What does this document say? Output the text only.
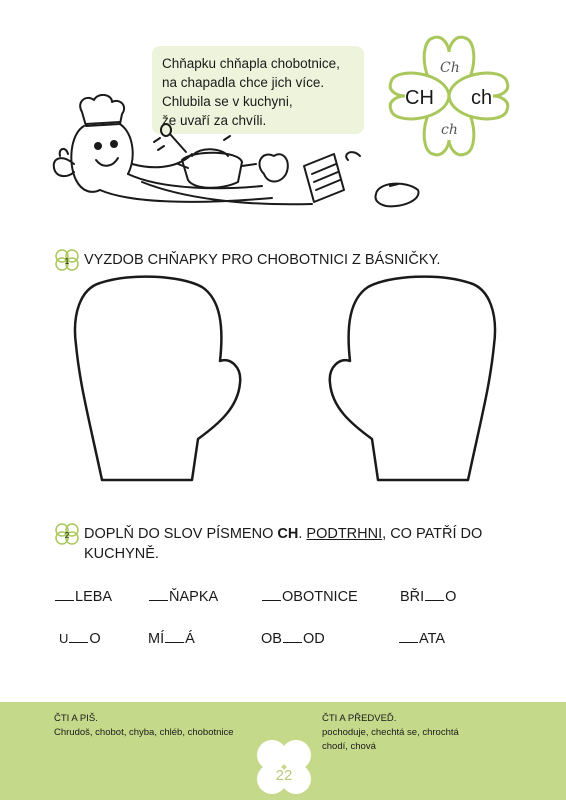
Chňapku chňapla chobotnice,
na chapadla chce jich více.
Chlubila se v kuchyni,
že uvaří za chvíli.
CH ch
Ch
ch
1 VYZDOB CHŇAPKY PRO CHOBOTNICI Z BÁSNIČKY.
2 DOPLŇ DO SLOV PÍSMENO CH. PODTRHNI, CO PATŘÍ DO KUCHYNĚ.
LEBA	ŇAPKA	OBOTNICE	BŘI O
U O	MÍ Á	OB OD	ATA
ČTI A PIŠ.
Chrudoš, chobot, chyba, chléb, chobotnice
ČTI A PŘEDVEĎ.
pochoduje, chechtá se, chrochtá
chodí, chová
22
